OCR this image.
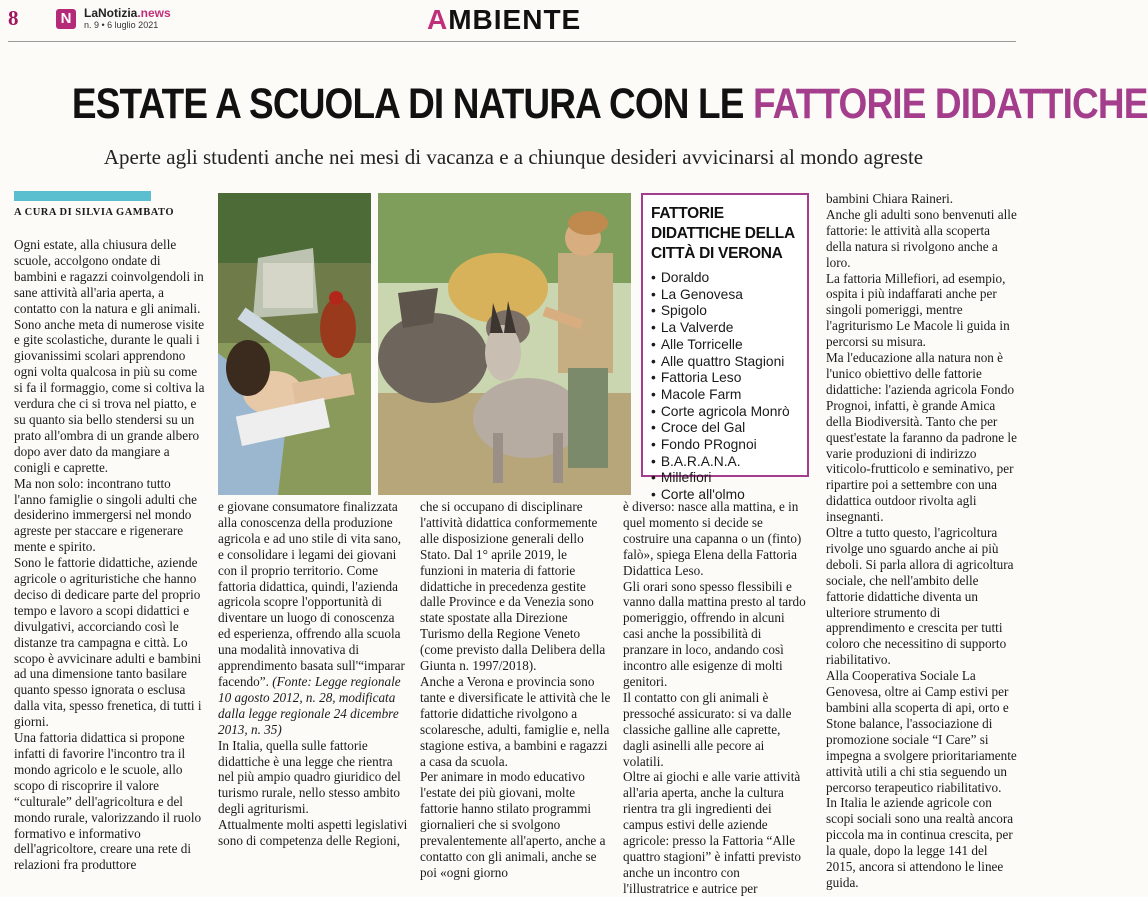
8	N	LaNotizia.news
n. 9 • 6 luglio 2021	AMBIENTE
ESTATE A SCUOLA DI NATURA CON LE FATTORIE DIDATTICHE
Aperte agli studenti anche nei mesi di vacanza e a chiunque desideri avvicinarsi al mondo agreste
A CURA DI SILVIA GAMBATO

Ogni estate, alla chiusura delle scuole, accolgono ondate di bambini e ragazzi coinvolgendoli in sane attività all'aria aperta, a contatto con la natura e gli animali.

Sono anche meta di numerose visite e gite scolastiche, durante le quali i giovanissimi scolari apprendono ogni volta qualcosa in più su come si fa il formaggio, come si coltiva la verdura che ci si trova nel piatto, e su quanto sia bello stendersi su un prato all'ombra di un grande albero dopo aver dato da mangiare a conigli e caprette.

Ma non solo: incontrano tutto l'anno famiglie o singoli adulti che desiderino immergersi nel mondo agreste per staccare e rigenerare mente e spirito.

Sono le fattorie didattiche, aziende agricole o agrituristiche che hanno deciso di dedicare parte del proprio tempo e lavoro a scopi didattici e divulgativi, accorciando così le distanze tra campagna e città. Lo scopo è avvicinare adulti e bambini ad una dimensione tanto basilare quanto spesso ignorata o esclusa dalla vita, spesso frenetica, di tutti i giorni.

Una fattoria didattica si propone infatti di favorire l'incontro tra il mondo agricolo e le scuole, allo scopo di riscoprire il valore “culturale” dell'agricoltura e del mondo rurale, valorizzando il ruolo formativo e informativo dell'agricoltore, creare una rete di relazioni fra produttore

FATTORIE DIDATTICHE DELLA CITTÀ DI VERONA
• Doraldo
• La Genovesa
• Spigolo
• La Valverde
• Alle Torricelle
• Alle quattro Stagioni
• Fattoria Leso
• Macole Farm
• Corte agricola Monrò
• Croce del Gal
• Fondo PRognoi
• B.A.R.A.N.A.
• Millefiori
• Corte all'olmo

e giovane consumatore finalizzata alla conoscenza della produzione agricola e ad uno stile di vita sano, e consolidare i legami dei giovani con il proprio territorio. Come fattoria didattica, quindi, l'azienda agricola scopre l'opportunità di diventare un luogo di conoscenza ed esperienza, offrendo alla scuola una modalità innovativa di apprendimento basata sull'“imparar facendo”. (Fonte: Legge regionale 10 agosto 2012, n. 28, modificata dalla legge regionale 24 dicembre 2013, n. 35)

In Italia, quella sulle fattorie didattiche è una legge che rientra nel più ampio quadro giuridico del turismo rurale, nello stesso ambito degli agriturismi.

Attualmente molti aspetti legislativi sono di competenza delle Regioni,

che si occupano di disciplinare l'attività didattica conformemente alle disposizione generali dello Stato. Dal 1° aprile 2019, le funzioni in materia di fattorie didattiche in precedenza gestite dalle Province e da Venezia sono state spostate alla Direzione Turismo della Regione Veneto (come previsto dalla Delibera della Giunta n. 1997/2018).

Anche a Verona e provincia sono tante e diversificate le attività che le fattorie didattiche rivolgono a scolaresche, adulti, famiglie e, nella stagione estiva, a bambini e ragazzi a casa da scuola.

Per animare in modo educativo l'estate dei più giovani, molte fattorie hanno stilato programmi giornalieri che si svolgono prevalentemente all'aperto, anche a contatto con gli animali, anche se poi «ogni giorno

è diverso: nasce alla mattina, e in quel momento si decide se costruire una capanna o un (finto) falò», spiega Elena della Fattoria Didattica Leso.

Gli orari sono spesso flessibili e vanno dalla mattina presto al tardo pomeriggio, offrendo in alcuni casi anche la possibilità di pranzare in loco, andando così incontro alle esigenze di molti genitori.

Il contatto con gli animali è pressoché assicurato: si va dalle classiche galline alle caprette, dagli asinelli alle pecore ai volatili.

Oltre ai giochi e alle varie attività all'aria aperta, anche la cultura rientra tra gli ingredienti dei campus estivi delle aziende agricole: presso la Fattoria “Alle quattro stagioni” è infatti previsto anche un incontro con l'illustratrice e autrice per

bambini Chiara Raineri.

Anche gli adulti sono benvenuti alle fattorie: le attività alla scoperta della natura si rivolgono anche a loro.

La fattoria Millefiori, ad esempio, ospita i più indaffarati anche per singoli pomeriggi, mentre l'agriturismo Le Macole li guida in percorsi su misura.

Ma l'educazione alla natura non è l'unico obiettivo delle fattorie didattiche: l'azienda agricola Fondo Prognoi, infatti, è grande Amica della Biodiversità. Tanto che per quest'estate la faranno da padrone le varie produzioni di indirizzo viticolo-frutticolo e seminativo, per ripartire poi a settembre con una didattica outdoor rivolta agli insegnanti.

Oltre a tutto questo, l'agricoltura rivolge uno sguardo anche ai più deboli. Si parla allora di agricoltura sociale, che nell'ambito delle fattorie didattiche diventa un ulteriore strumento di apprendimento e crescita per tutti coloro che necessitino di supporto riabilitativo.

Alla Cooperativa Sociale La Genovesa, oltre ai Camp estivi per bambini alla scoperta di api, orto e Stone balance, l'associazione di promozione sociale “I Care” si impegna a svolgere prioritariamente attività utili a chi stia seguendo un percorso terapeutico riabilitativo.

In Italia le aziende agricole con scopi sociali sono una realtà ancora piccola ma in continua crescita, per la quale, dopo la legge 141 del 2015, ancora si attendono le linee guida.
